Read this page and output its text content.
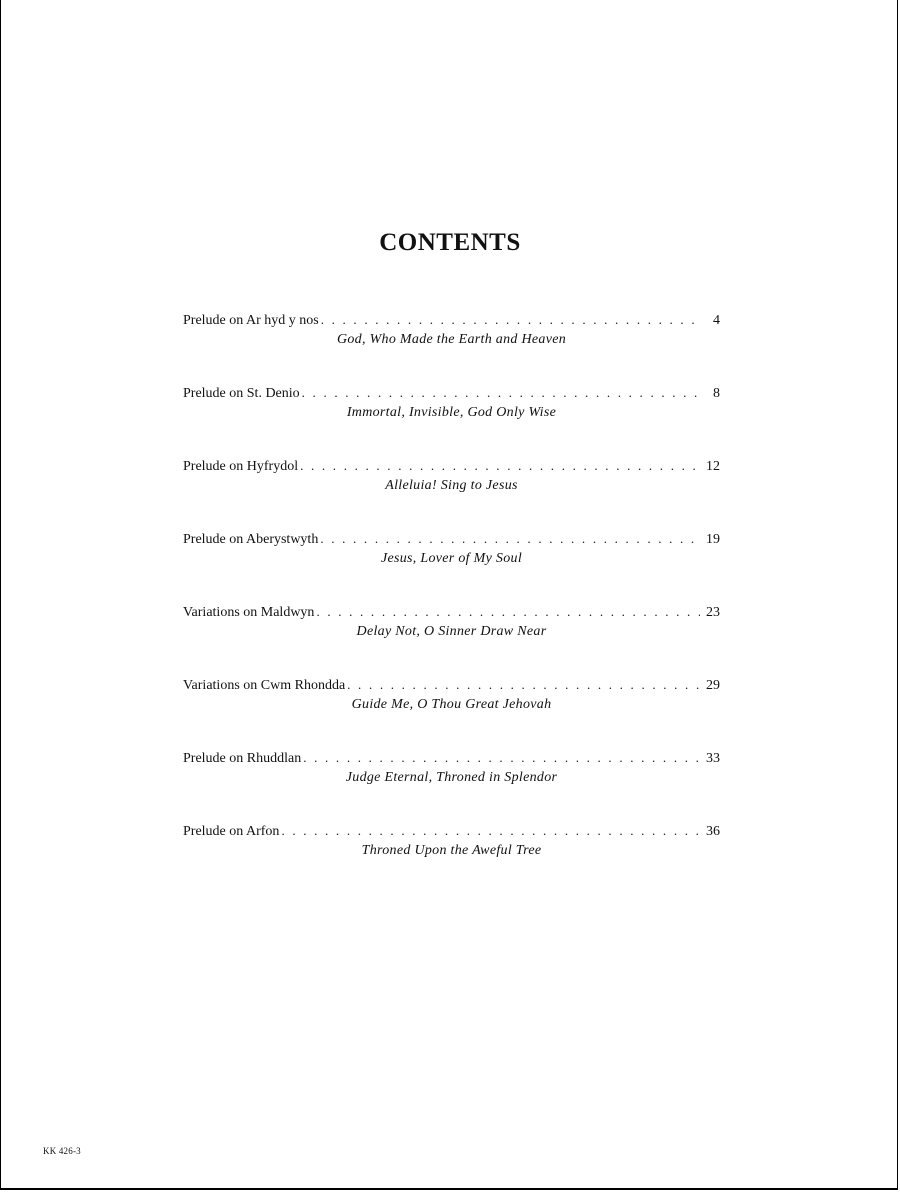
CONTENTS
Prelude on Ar hyd y nos . . .	4
God, Who Made the Earth and Heaven
Prelude on St. Denio . . .	8
Immortal, Invisible, God Only Wise
Prelude on Hyfrydol . . .	12
Alleluia! Sing to Jesus
Prelude on Aberystwyth . . .	19
Jesus, Lover of My Soul
Variations on Maldwyn . . .	23
Delay Not, O Sinner Draw Near
Variations on Cwm Rhondda . . .	29
Guide Me, O Thou Great Jehovah
Prelude on Rhuddlan . . .	33
Judge Eternal, Throned in Splendor
Prelude on Arfon . . .	36
Throned Upon the Aweful Tree
KK 426-3
